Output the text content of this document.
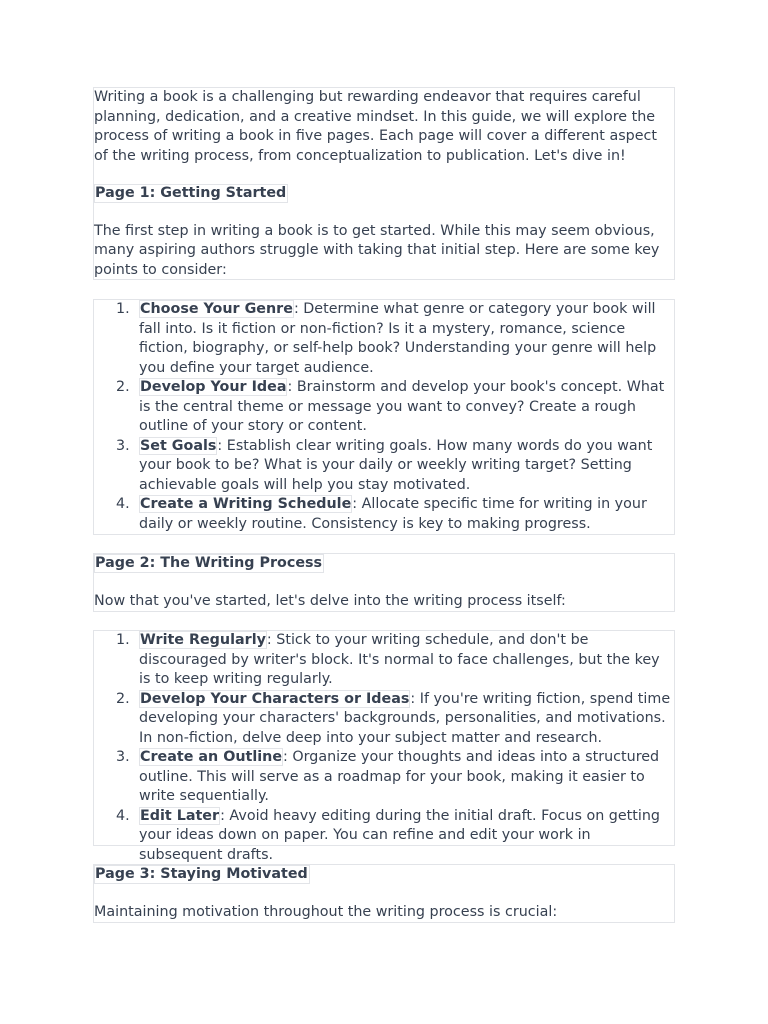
Writing a book is a challenging but rewarding endeavor that requires careful planning, dedication, and a creative mindset. In this guide, we will explore the process of writing a book in five pages. Each page will cover a different aspect of the writing process, from conceptualization to publication. Let's dive in!

Page 1: Getting Started

The first step in writing a book is to get started. While this may seem obvious, many aspiring authors struggle with taking that initial step. Here are some key points to consider:

1. Choose Your Genre: Determine what genre or category your book will fall into. Is it fiction or non-fiction? Is it a mystery, romance, science fiction, biography, or self-help book? Understanding your genre will help you define your target audience.
2. Develop Your Idea: Brainstorm and develop your book's concept. What is the central theme or message you want to convey? Create a rough outline of your story or content.
3. Set Goals: Establish clear writing goals. How many words do you want your book to be? What is your daily or weekly writing target? Setting achievable goals will help you stay motivated.
4. Create a Writing Schedule: Allocate specific time for writing in your daily or weekly routine. Consistency is key to making progress.
Page 2: The Writing Process

Now that you've started, let's delve into the writing process itself:

1. Write Regularly: Stick to your writing schedule, and don't be discouraged by writer's block. It's normal to face challenges, but the key is to keep writing regularly.
2. Develop Your Characters or Ideas: If you're writing fiction, spend time developing your characters' backgrounds, personalities, and motivations. In non-fiction, delve deep into your subject matter and research.
3. Create an Outline: Organize your thoughts and ideas into a structured outline. This will serve as a roadmap for your book, making it easier to write sequentially.
4. Edit Later: Avoid heavy editing during the initial draft. Focus on getting your ideas down on paper. You can refine and edit your work in subsequent drafts.
Page 3: Staying Motivated

Maintaining motivation throughout the writing process is crucial:
